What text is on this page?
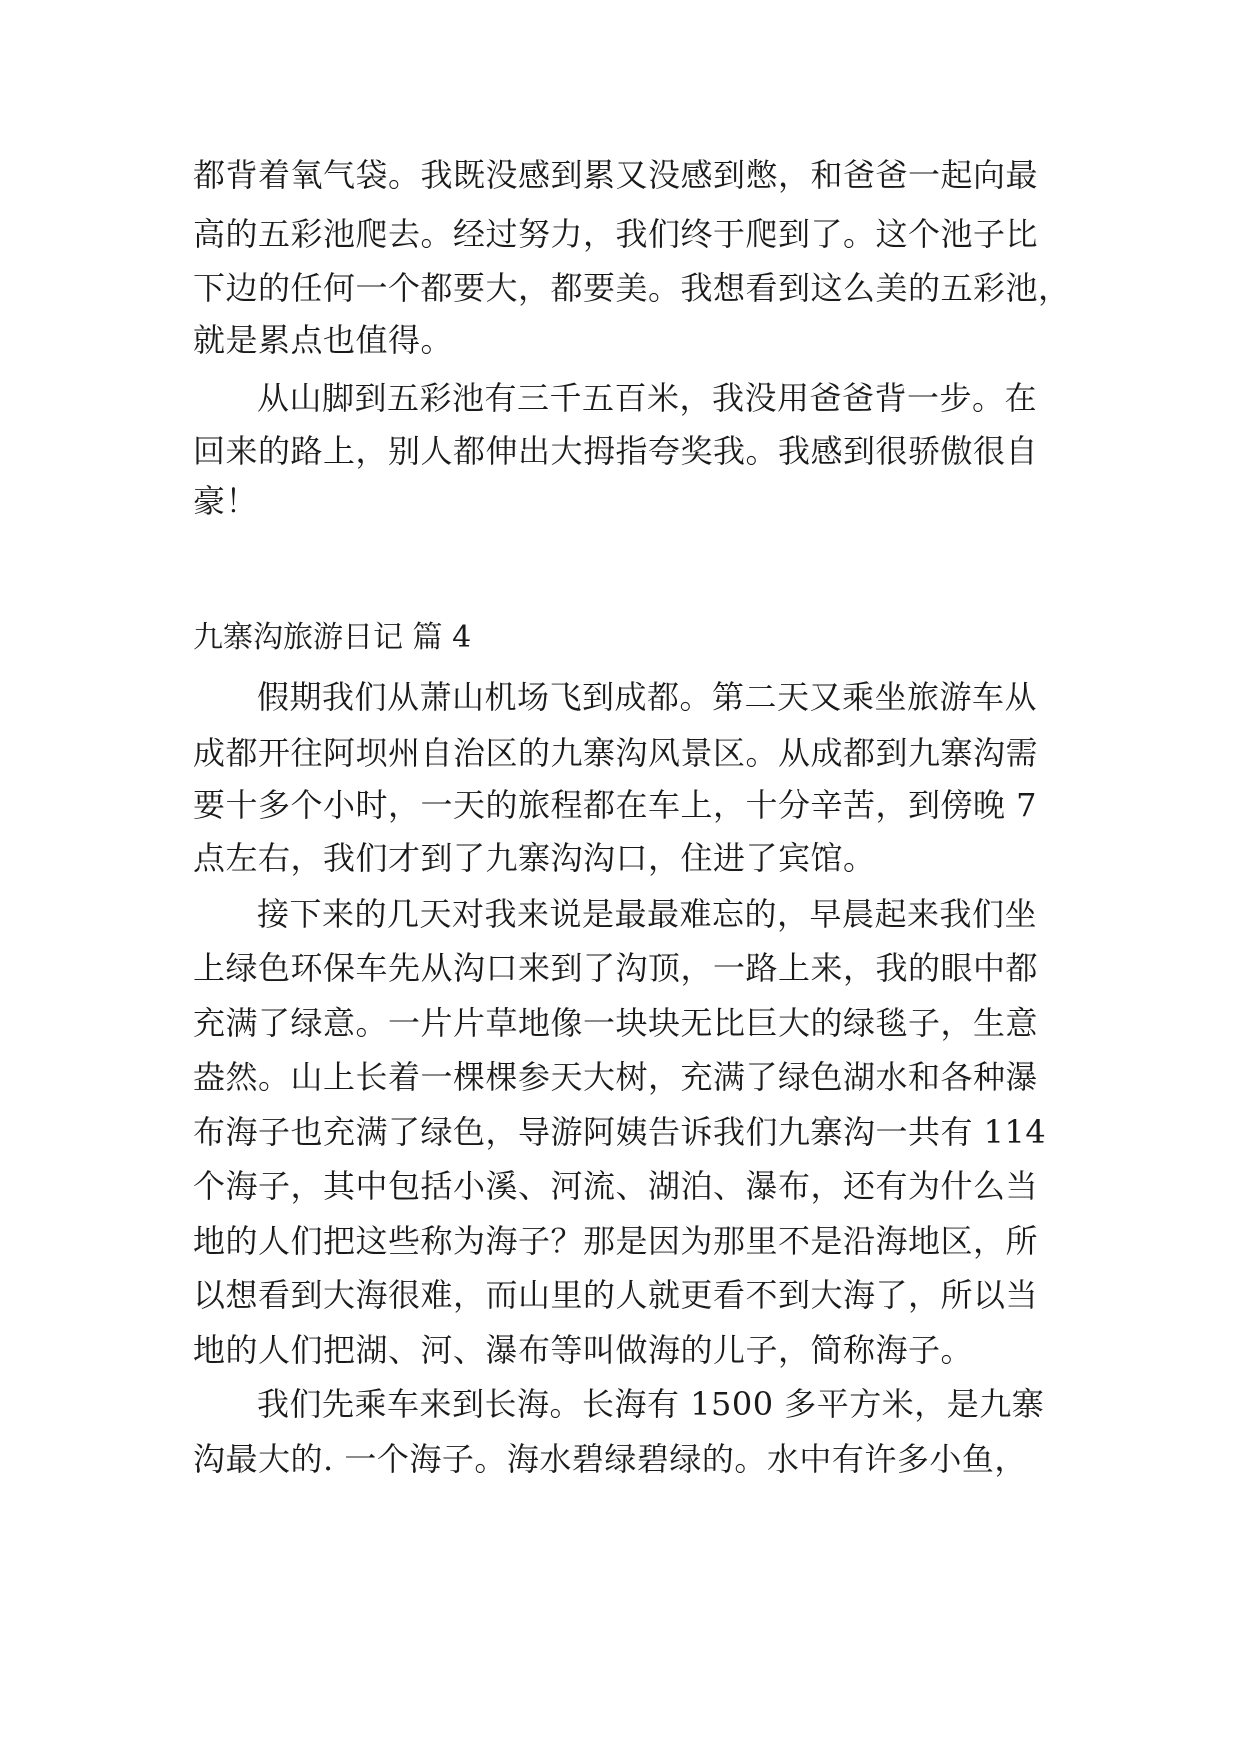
都背着氧气袋。我既没感到累又没感到憋，和爸爸一起向最
高的五彩池爬去。经过努力，我们终于爬到了。这个池子比
下边的任何一个都要大，都要美。我想看到这么美的五彩池，
就是累点也值得。
从山脚到五彩池有三千五百米，我没用爸爸背一步。在
回来的路上，别人都伸出大拇指夸奖我。我感到很骄傲很自
豪！
九寨沟旅游日记 篇 4
假期我们从萧山机场飞到成都。第二天又乘坐旅游车从
成都开往阿坝州自治区的九寨沟风景区。从成都到九寨沟需
要十多个小时，一天的旅程都在车上，十分辛苦，到傍晚 7
点左右，我们才到了九寨沟沟口，住进了宾馆。
接下来的几天对我来说是最最难忘的，早晨起来我们坐
上绿色环保车先从沟口来到了沟顶，一路上来，我的眼中都
充满了绿意。一片片草地像一块块无比巨大的绿毯子，生意
盎然。山上长着一棵棵参天大树，充满了绿色湖水和各种瀑
布海子也充满了绿色，导游阿姨告诉我们九寨沟一共有 114
个海子，其中包括小溪、河流、湖泊、瀑布，还有为什么当
地的人们把这些称为海子？那是因为那里不是沿海地区，所
以想看到大海很难，而山里的人就更看不到大海了，所以当
地的人们把湖、河、瀑布等叫做海的儿子，简称海子。
我们先乘车来到长海。长海有 1500 多平方米，是九寨
沟最大的. 一个海子。海水碧绿碧绿的。水中有许多小鱼，
